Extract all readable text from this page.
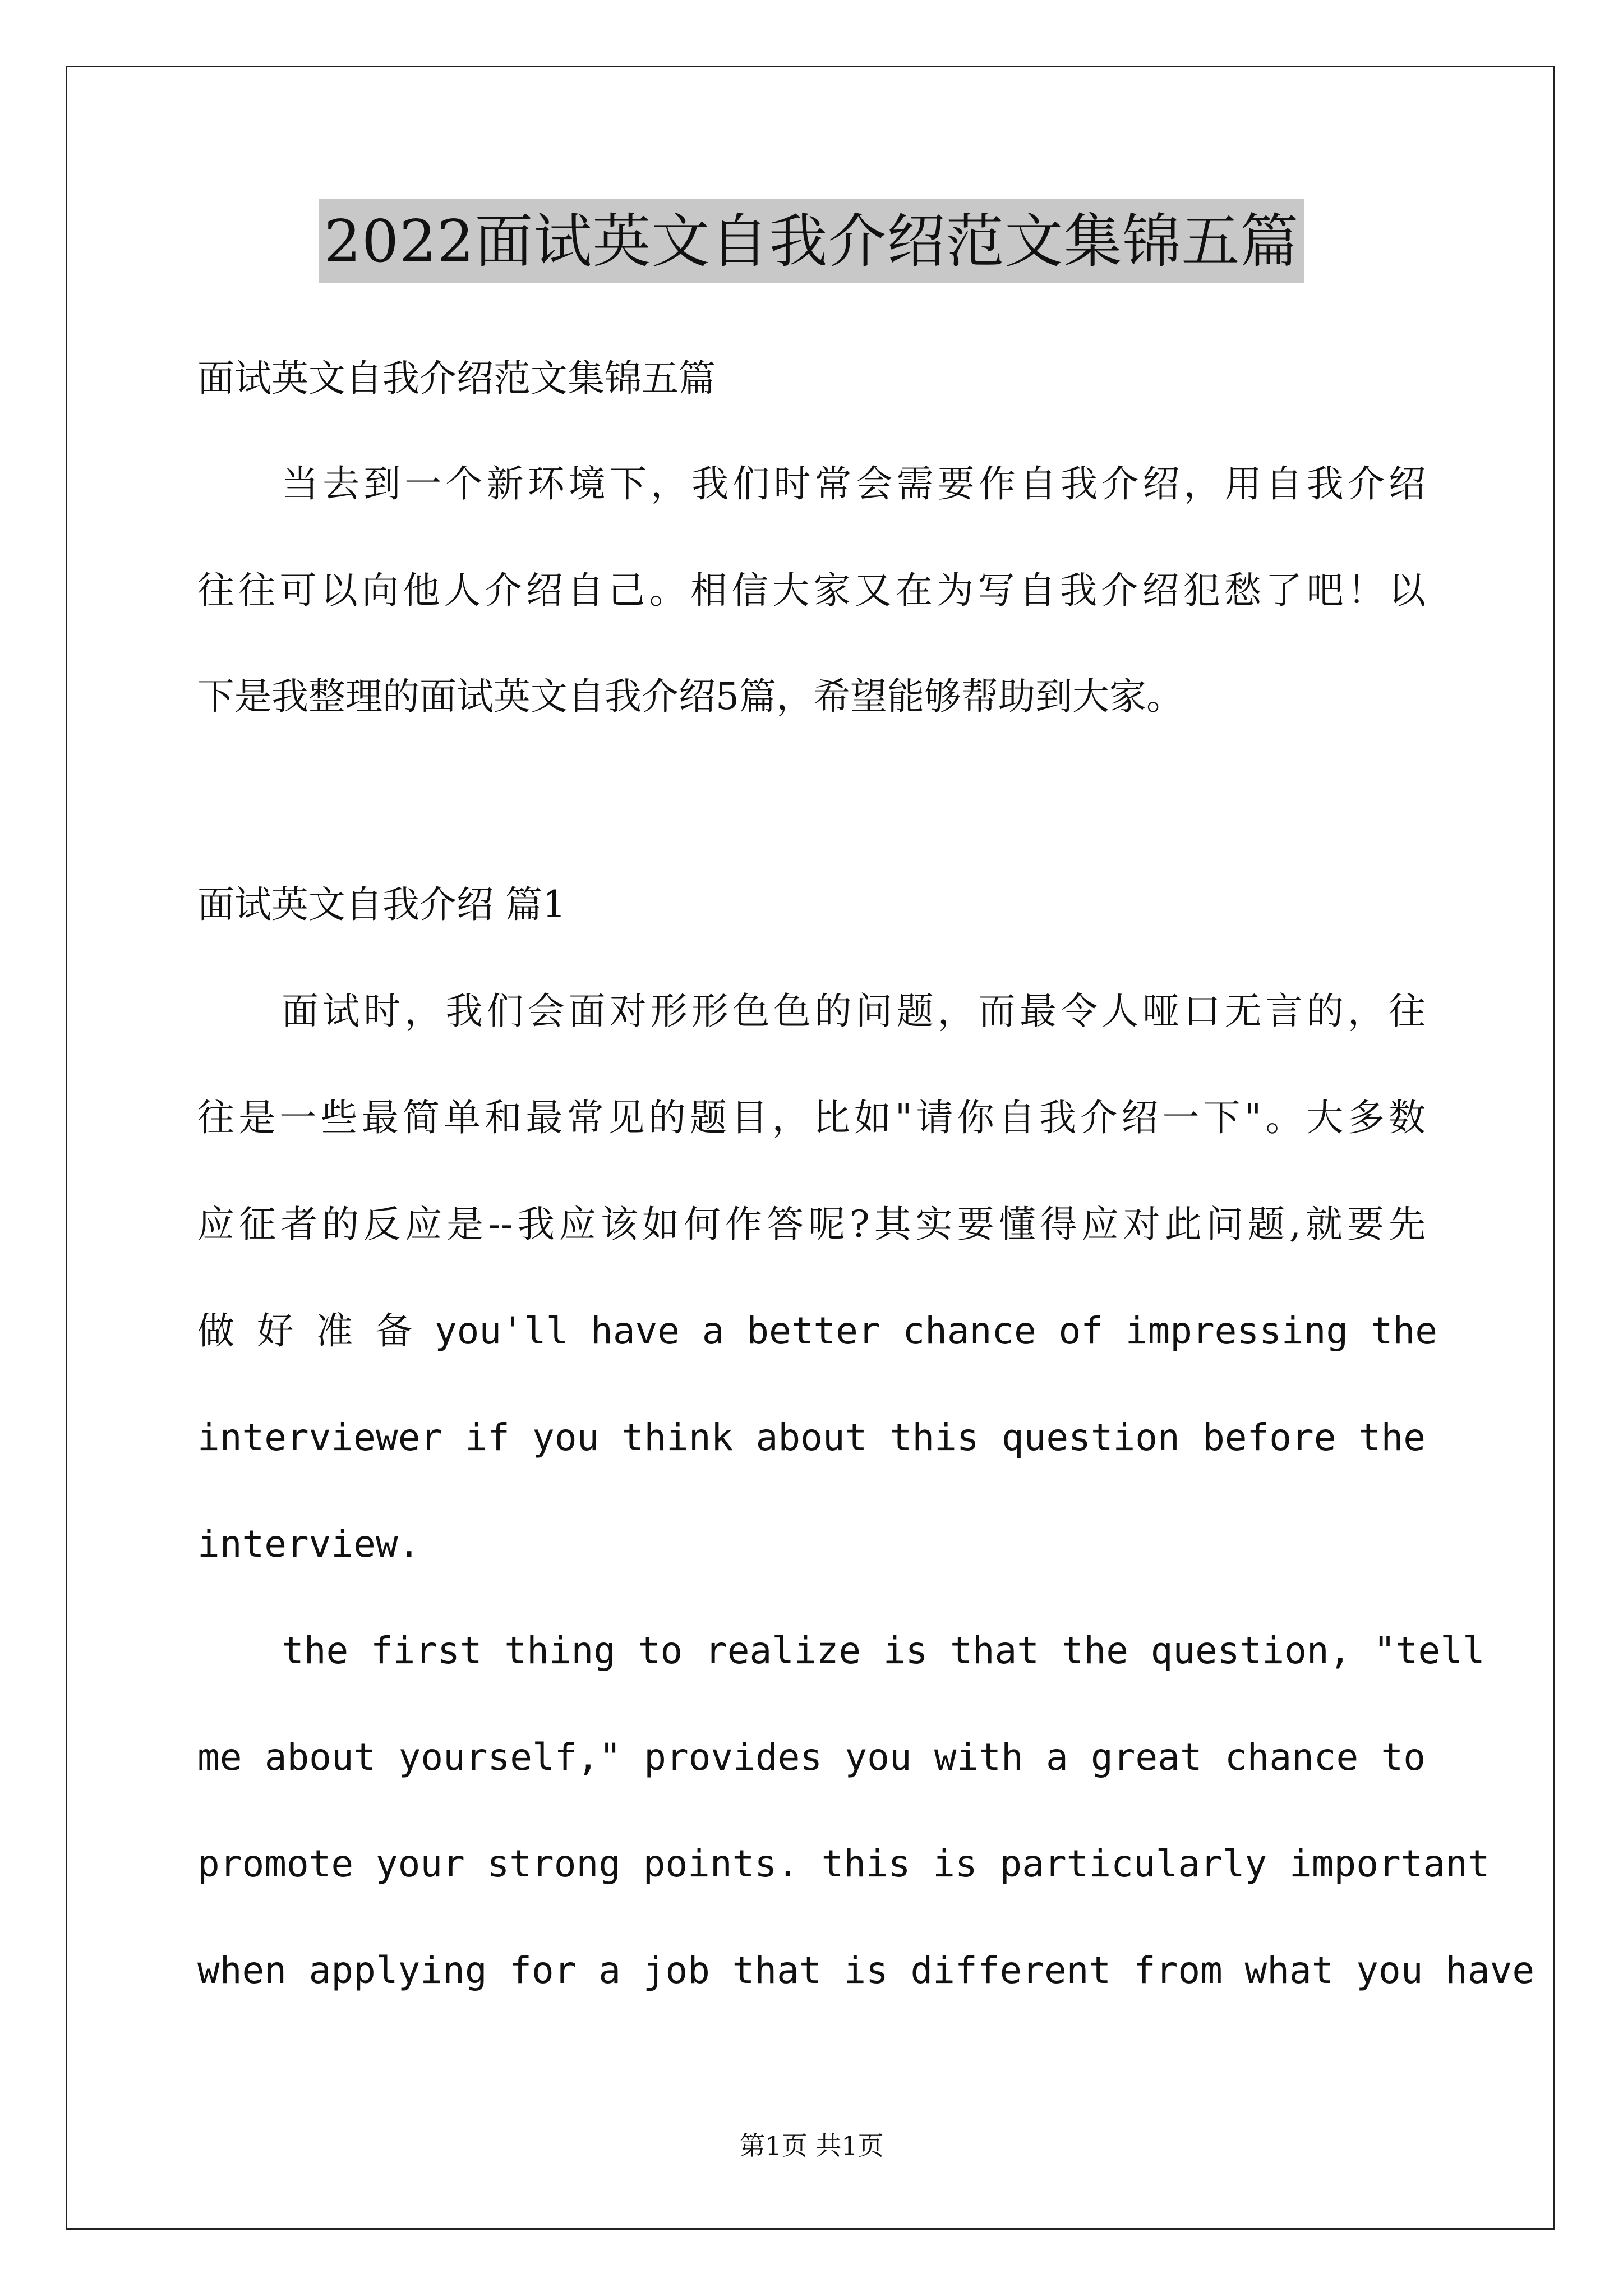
2022面试英文自我介绍范文集锦五篇
面试英文自我介绍范文集锦五篇
当去到一个新环境下，我们时常会需要作自我介绍，用自我介绍
往往可以向他人介绍自己。相信大家又在为写自我介绍犯愁了吧！以
下是我整理的面试英文自我介绍5篇，希望能够帮助到大家。
面试英文自我介绍 篇1
面试时，我们会面对形形色色的问题，而最令人哑口无言的，往
往是一些最简单和最常见的题目，比如"请你自我介绍一下"。大多数
应征者的反应是--我应该如何作答呢?其实要懂得应对此问题,就要先
做 好 准 备 you'll have a better chance of impressing the
interviewer if you think about this question before the
interview.
the first thing to realize is that the question, "tell
me about yourself," provides you with a great chance to
promote your strong points. this is particularly important
when applying for a job that is different from what you have
第1页 共1页
